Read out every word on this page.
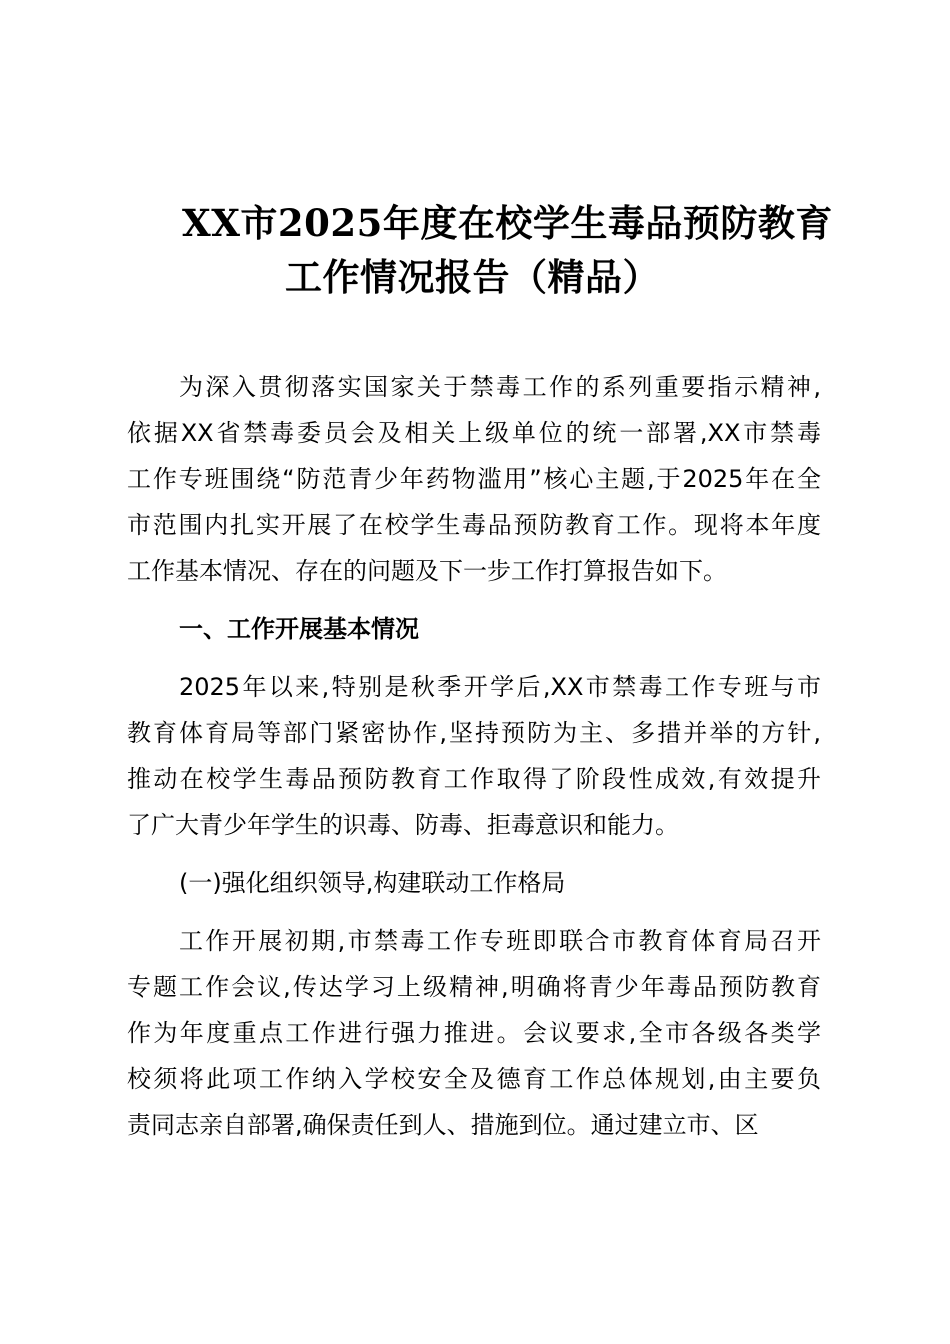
XX市2025年度在校学生毒品预防教育
工作情况报告（精品）
为深入贯彻落实国家关于禁毒工作的系列重要指示精神,
依据XX省禁毒委员会及相关上级单位的统一部署,XX市禁毒
工作专班围绕“防范青少年药物滥用”核心主题,于2025年在全
市范围内扎实开展了在校学生毒品预防教育工作。现将本年度
工作基本情况、存在的问题及下一步工作打算报告如下。
一、工作开展基本情况
2025年以来,特别是秋季开学后,XX市禁毒工作专班与市
教育体育局等部门紧密协作,坚持预防为主、多措并举的方针,
推动在校学生毒品预防教育工作取得了阶段性成效,有效提升
了广大青少年学生的识毒、防毒、拒毒意识和能力。
(一)强化组织领导,构建联动工作格局
工作开展初期,市禁毒工作专班即联合市教育体育局召开
专题工作会议,传达学习上级精神,明确将青少年毒品预防教育
作为年度重点工作进行强力推进。会议要求,全市各级各类学
校须将此项工作纳入学校安全及德育工作总体规划,由主要负
责同志亲自部署,确保责任到人、措施到位。通过建立市、区
